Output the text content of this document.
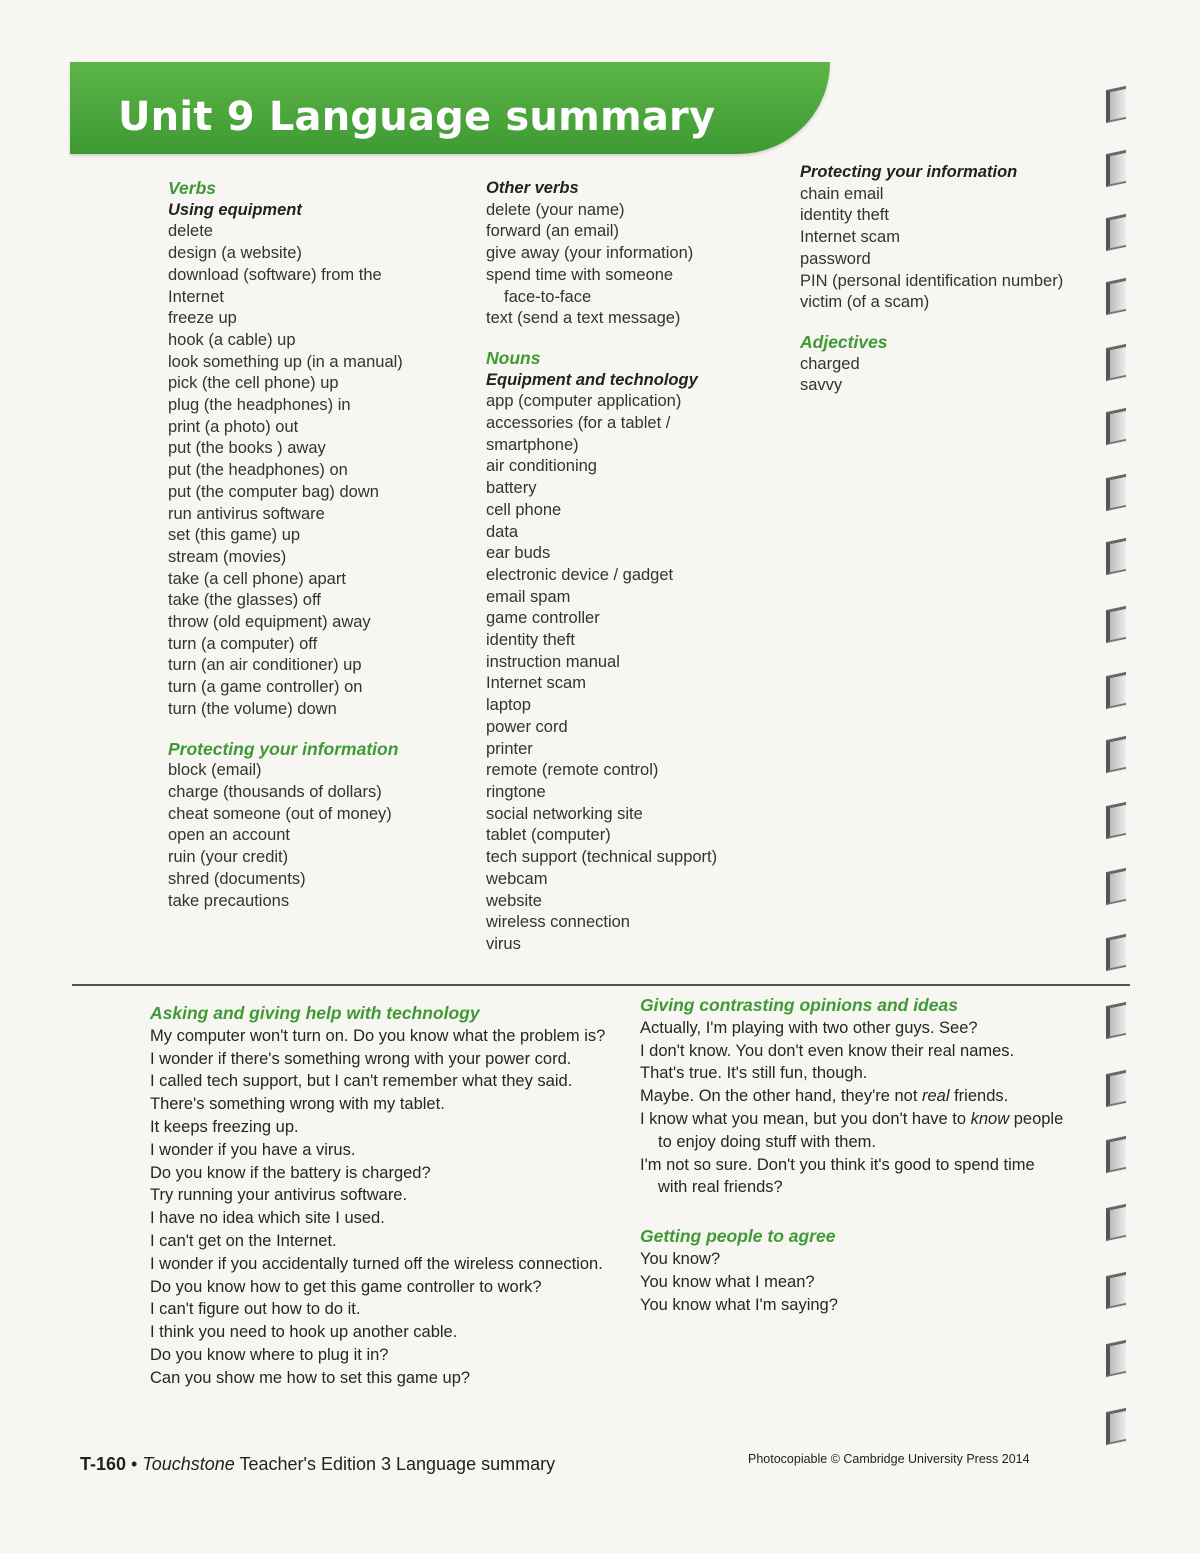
Unit 9 Language summary
Verbs
Using equipment
delete
design (a website)
download (software) from the
Internet
freeze up
hook (a cable) up
look something up (in a manual)
pick (the cell phone) up
plug (the headphones) in
print (a photo) out
put (the books ) away
put (the headphones) on
put (the computer bag) down
run antivirus software
set (this game) up
stream (movies)
take (a cell phone) apart
take (the glasses) off
throw (old equipment) away
turn (a computer) off
turn (an air conditioner) up
turn (a game controller) on
turn (the volume) down
Protecting your information
block (email)
charge (thousands of dollars)
cheat someone (out of money)
open an account
ruin (your credit)
shred (documents)
take precautions
Other verbs
delete (your name)
forward (an email)
give away (your information)
spend time with someone
face-to-face
text (send a text message)
Nouns
Equipment and technology
app (computer application)
accessories (for a tablet /
smartphone)
air conditioning
battery
cell phone
data
ear buds
electronic device / gadget
email spam
game controller
identity theft
instruction manual
Internet scam
laptop
power cord
printer
remote (remote control)
ringtone
social networking site
tablet (computer)
tech support (technical support)
webcam
website
wireless connection
virus
Protecting your information
chain email
identity theft
Internet scam
password
PIN (personal identification number)
victim (of a scam)
Adjectives
charged
savvy
Asking and giving help with technology
My computer won't turn on. Do you know what the problem is?
I wonder if there's something wrong with your power cord.
I called tech support, but I can't remember what they said.
There's something wrong with my tablet.
It keeps freezing up.
I wonder if you have a virus.
Do you know if the battery is charged?
Try running your antivirus software.
I have no idea which site I used.
I can't get on the Internet.
I wonder if you accidentally turned off the wireless connection.
Do you know how to get this game controller to work?
I can't figure out how to do it.
I think you need to hook up another cable.
Do you know where to plug it in?
Can you show me how to set this game up?
Giving contrasting opinions and ideas
Actually, I'm playing with two other guys. See?
I don't know. You don't even know their real names.
That's true. It's still fun, though.
Maybe. On the other hand, they're not real friends.
I know what you mean, but you don't have to know people
to enjoy doing stuff with them.
I'm not so sure. Don't you think it's good to spend time
with real friends?
Getting people to agree
You know?
You know what I mean?
You know what I'm saying?
T-160 • Touchstone Teacher's Edition 3 Language summary	Photocopiable © Cambridge University Press 2014
